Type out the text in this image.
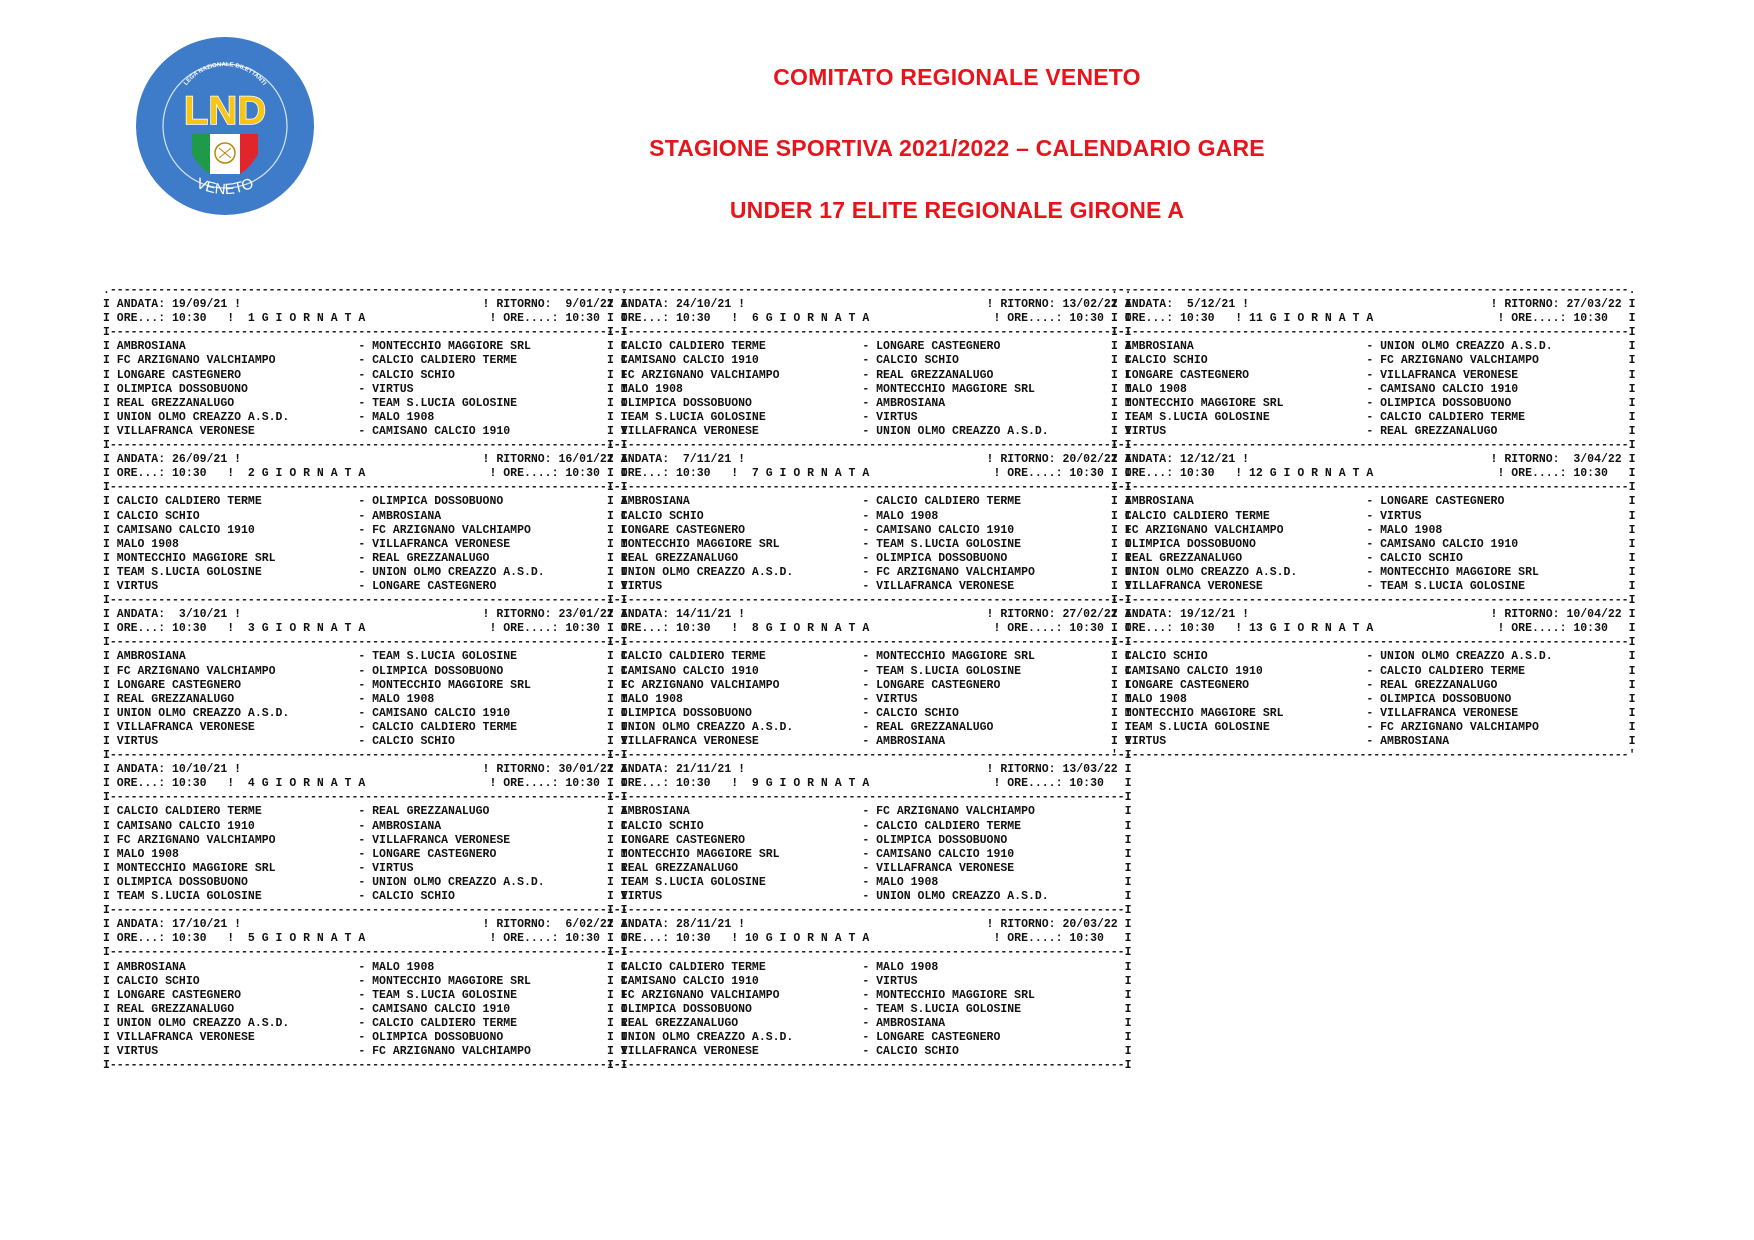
LEGA NAZIONALE DILETTANTI
LND
VENETO
COMITATO REGIONALE VENETO
STAGIONE SPORTIVA 2021/2022 – CALENDARIO GARE
UNDER 17 ELITE REGIONALE GIRONE A
.--------------------------------------------------------------------------.
I ANDATA: 19/09/21 !                                   ! RITORNO:  9/01/22 I
I ORE...: 10:30   !  1 G I O R N A T A                  ! ORE....: 10:30   I
I--------------------------------------------------------------------------I
I AMBROSIANA                         - MONTECCHIO MAGGIORE SRL             I
I FC ARZIGNANO VALCHIAMPO            - CALCIO CALDIERO TERME               I
I LONGARE CASTEGNERO                 - CALCIO SCHIO                        I
I OLIMPICA DOSSOBUONO                - VIRTUS                              I
I REAL GREZZANALUGO                  - TEAM S.LUCIA GOLOSINE               I
I UNION OLMO CREAZZO A.S.D.          - MALO 1908                           I
I VILLAFRANCA VERONESE               - CAMISANO CALCIO 1910                I
I--------------------------------------------------------------------------I
I ANDATA: 26/09/21 !                                   ! RITORNO: 16/01/22 I
I ORE...: 10:30   !  2 G I O R N A T A                  ! ORE....: 10:30   I
I--------------------------------------------------------------------------I
I CALCIO CALDIERO TERME              - OLIMPICA DOSSOBUONO                 I
I CALCIO SCHIO                       - AMBROSIANA                          I
I CAMISANO CALCIO 1910               - FC ARZIGNANO VALCHIAMPO             I
I MALO 1908                          - VILLAFRANCA VERONESE                I
I MONTECCHIO MAGGIORE SRL            - REAL GREZZANALUGO                   I
I TEAM S.LUCIA GOLOSINE              - UNION OLMO CREAZZO A.S.D.           I
I VIRTUS                             - LONGARE CASTEGNERO                  I
I--------------------------------------------------------------------------I
I ANDATA:  3/10/21 !                                   ! RITORNO: 23/01/22 I
I ORE...: 10:30   !  3 G I O R N A T A                  ! ORE....: 10:30   I
I--------------------------------------------------------------------------I
I AMBROSIANA                         - TEAM S.LUCIA GOLOSINE               I
I FC ARZIGNANO VALCHIAMPO            - OLIMPICA DOSSOBUONO                 I
I LONGARE CASTEGNERO                 - MONTECCHIO MAGGIORE SRL             I
I REAL GREZZANALUGO                  - MALO 1908                           I
I UNION OLMO CREAZZO A.S.D.          - CAMISANO CALCIO 1910                I
I VILLAFRANCA VERONESE               - CALCIO CALDIERO TERME               I
I VIRTUS                             - CALCIO SCHIO                        I
I--------------------------------------------------------------------------I
I ANDATA: 10/10/21 !                                   ! RITORNO: 30/01/22 I
I ORE...: 10:30   !  4 G I O R N A T A                  ! ORE....: 10:30   I
I--------------------------------------------------------------------------I
I CALCIO CALDIERO TERME              - REAL GREZZANALUGO                   I
I CAMISANO CALCIO 1910               - AMBROSIANA                          I
I FC ARZIGNANO VALCHIAMPO            - VILLAFRANCA VERONESE                I
I MALO 1908                          - LONGARE CASTEGNERO                  I
I MONTECCHIO MAGGIORE SRL            - VIRTUS                              I
I OLIMPICA DOSSOBUONO                - UNION OLMO CREAZZO A.S.D.           I
I TEAM S.LUCIA GOLOSINE              - CALCIO SCHIO                        I
I--------------------------------------------------------------------------I
I ANDATA: 17/10/21 !                                   ! RITORNO:  6/02/22 I
I ORE...: 10:30   !  5 G I O R N A T A                  ! ORE....: 10:30   I
I--------------------------------------------------------------------------I
I AMBROSIANA                         - MALO 1908                           I
I CALCIO SCHIO                       - MONTECCHIO MAGGIORE SRL             I
I LONGARE CASTEGNERO                 - TEAM S.LUCIA GOLOSINE               I
I REAL GREZZANALUGO                  - CAMISANO CALCIO 1910                I
I UNION OLMO CREAZZO A.S.D.          - CALCIO CALDIERO TERME               I
I VILLAFRANCA VERONESE               - OLIMPICA DOSSOBUONO                 I
I VIRTUS                             - FC ARZIGNANO VALCHIAMPO             I
I--------------------------------------------------------------------------I
.--------------------------------------------------------------------------.
I ANDATA: 24/10/21 !                                   ! RITORNO: 13/02/22 I
I ORE...: 10:30   !  6 G I O R N A T A                  ! ORE....: 10:30   I
I--------------------------------------------------------------------------I
I CALCIO CALDIERO TERME              - LONGARE CASTEGNERO                  I
I CAMISANO CALCIO 1910               - CALCIO SCHIO                        I
I FC ARZIGNANO VALCHIAMPO            - REAL GREZZANALUGO                   I
I MALO 1908                          - MONTECCHIO MAGGIORE SRL             I
I OLIMPICA DOSSOBUONO                - AMBROSIANA                          I
I TEAM S.LUCIA GOLOSINE              - VIRTUS                              I
I VILLAFRANCA VERONESE               - UNION OLMO CREAZZO A.S.D.           I
I--------------------------------------------------------------------------I
I ANDATA:  7/11/21 !                                   ! RITORNO: 20/02/22 I
I ORE...: 10:30   !  7 G I O R N A T A                  ! ORE....: 10:30   I
I--------------------------------------------------------------------------I
I AMBROSIANA                         - CALCIO CALDIERO TERME               I
I CALCIO SCHIO                       - MALO 1908                           I
I LONGARE CASTEGNERO                 - CAMISANO CALCIO 1910                I
I MONTECCHIO MAGGIORE SRL            - TEAM S.LUCIA GOLOSINE               I
I REAL GREZZANALUGO                  - OLIMPICA DOSSOBUONO                 I
I UNION OLMO CREAZZO A.S.D.          - FC ARZIGNANO VALCHIAMPO             I
I VIRTUS                             - VILLAFRANCA VERONESE                I
I--------------------------------------------------------------------------I
I ANDATA: 14/11/21 !                                   ! RITORNO: 27/02/22 I
I ORE...: 10:30   !  8 G I O R N A T A                  ! ORE....: 10:30   I
I--------------------------------------------------------------------------I
I CALCIO CALDIERO TERME              - MONTECCHIO MAGGIORE SRL             I
I CAMISANO CALCIO 1910               - TEAM S.LUCIA GOLOSINE               I
I FC ARZIGNANO VALCHIAMPO            - LONGARE CASTEGNERO                  I
I MALO 1908                          - VIRTUS                              I
I OLIMPICA DOSSOBUONO                - CALCIO SCHIO                        I
I UNION OLMO CREAZZO A.S.D.          - REAL GREZZANALUGO                   I
I VILLAFRANCA VERONESE               - AMBROSIANA                          I
I--------------------------------------------------------------------------I
I ANDATA: 21/11/21 !                                   ! RITORNO: 13/03/22 I
I ORE...: 10:30   !  9 G I O R N A T A                  ! ORE....: 10:30   I
I--------------------------------------------------------------------------I
I AMBROSIANA                         - FC ARZIGNANO VALCHIAMPO             I
I CALCIO SCHIO                       - CALCIO CALDIERO TERME               I
I LONGARE CASTEGNERO                 - OLIMPICA DOSSOBUONO                 I
I MONTECCHIO MAGGIORE SRL            - CAMISANO CALCIO 1910                I
I REAL GREZZANALUGO                  - VILLAFRANCA VERONESE                I
I TEAM S.LUCIA GOLOSINE              - MALO 1908                           I
I VIRTUS                             - UNION OLMO CREAZZO A.S.D.           I
I--------------------------------------------------------------------------I
I ANDATA: 28/11/21 !                                   ! RITORNO: 20/03/22 I
I ORE...: 10:30   ! 10 G I O R N A T A                  ! ORE....: 10:30   I
I--------------------------------------------------------------------------I
I CALCIO CALDIERO TERME              - MALO 1908                           I
I CAMISANO CALCIO 1910               - VIRTUS                              I
I FC ARZIGNANO VALCHIAMPO            - MONTECCHIO MAGGIORE SRL             I
I OLIMPICA DOSSOBUONO                - TEAM S.LUCIA GOLOSINE               I
I REAL GREZZANALUGO                  - AMBROSIANA                          I
I UNION OLMO CREAZZO A.S.D.          - LONGARE CASTEGNERO                  I
I VILLAFRANCA VERONESE               - CALCIO SCHIO                        I
I--------------------------------------------------------------------------I
.--------------------------------------------------------------------------.
I ANDATA:  5/12/21 !                                   ! RITORNO: 27/03/22 I
I ORE...: 10:30   ! 11 G I O R N A T A                  ! ORE....: 10:30   I
I--------------------------------------------------------------------------I
I AMBROSIANA                         - UNION OLMO CREAZZO A.S.D.           I
I CALCIO SCHIO                       - FC ARZIGNANO VALCHIAMPO             I
I LONGARE CASTEGNERO                 - VILLAFRANCA VERONESE                I
I MALO 1908                          - CAMISANO CALCIO 1910                I
I MONTECCHIO MAGGIORE SRL            - OLIMPICA DOSSOBUONO                 I
I TEAM S.LUCIA GOLOSINE              - CALCIO CALDIERO TERME               I
I VIRTUS                             - REAL GREZZANALUGO                   I
I--------------------------------------------------------------------------I
I ANDATA: 12/12/21 !                                   ! RITORNO:  3/04/22 I
I ORE...: 10:30   ! 12 G I O R N A T A                  ! ORE....: 10:30   I
I--------------------------------------------------------------------------I
I AMBROSIANA                         - LONGARE CASTEGNERO                  I
I CALCIO CALDIERO TERME              - VIRTUS                              I
I FC ARZIGNANO VALCHIAMPO            - MALO 1908                           I
I OLIMPICA DOSSOBUONO                - CAMISANO CALCIO 1910                I
I REAL GREZZANALUGO                  - CALCIO SCHIO                        I
I UNION OLMO CREAZZO A.S.D.          - MONTECCHIO MAGGIORE SRL             I
I VILLAFRANCA VERONESE               - TEAM S.LUCIA GOLOSINE               I
I--------------------------------------------------------------------------I
I ANDATA: 19/12/21 !                                   ! RITORNO: 10/04/22 I
I ORE...: 10:30   ! 13 G I O R N A T A                  ! ORE....: 10:30   I
I--------------------------------------------------------------------------I
I CALCIO SCHIO                       - UNION OLMO CREAZZO A.S.D.           I
I CAMISANO CALCIO 1910               - CALCIO CALDIERO TERME               I
I LONGARE CASTEGNERO                 - REAL GREZZANALUGO                   I
I MALO 1908                          - OLIMPICA DOSSOBUONO                 I
I MONTECCHIO MAGGIORE SRL            - VILLAFRANCA VERONESE                I
I TEAM S.LUCIA GOLOSINE              - FC ARZIGNANO VALCHIAMPO             I
I VIRTUS                             - AMBROSIANA                          I
'--------------------------------------------------------------------------'
